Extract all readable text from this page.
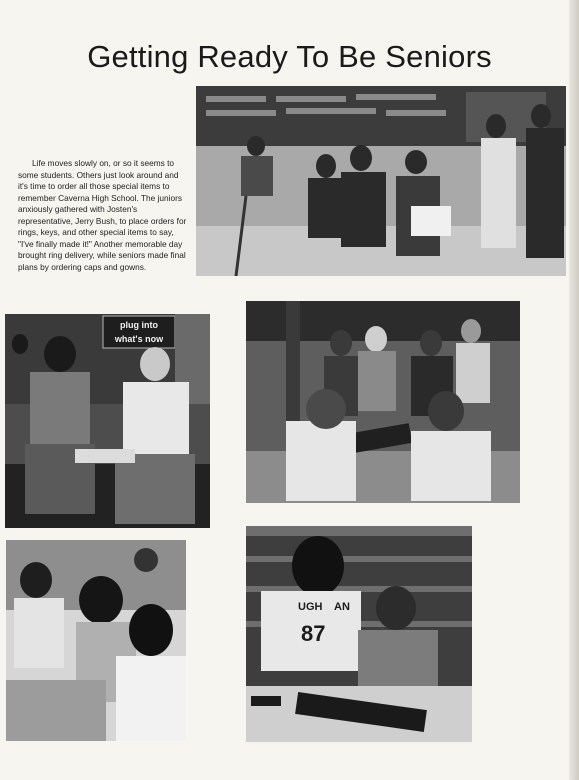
Getting Ready To Be Seniors

Life moves slowly on, or so it seems to some students. Others just look around and it's time to order all those special items to remember Caverna High School. The juniors anxiously gathered with Josten's representative, Jerry Bush, to place orders for rings, keys, and other special items to say, "I've finally made it!" Another memorable day brought ring delivery, while seniors made final plans by ordering caps and gowns.

plug into
what's now
UGH AN
87
